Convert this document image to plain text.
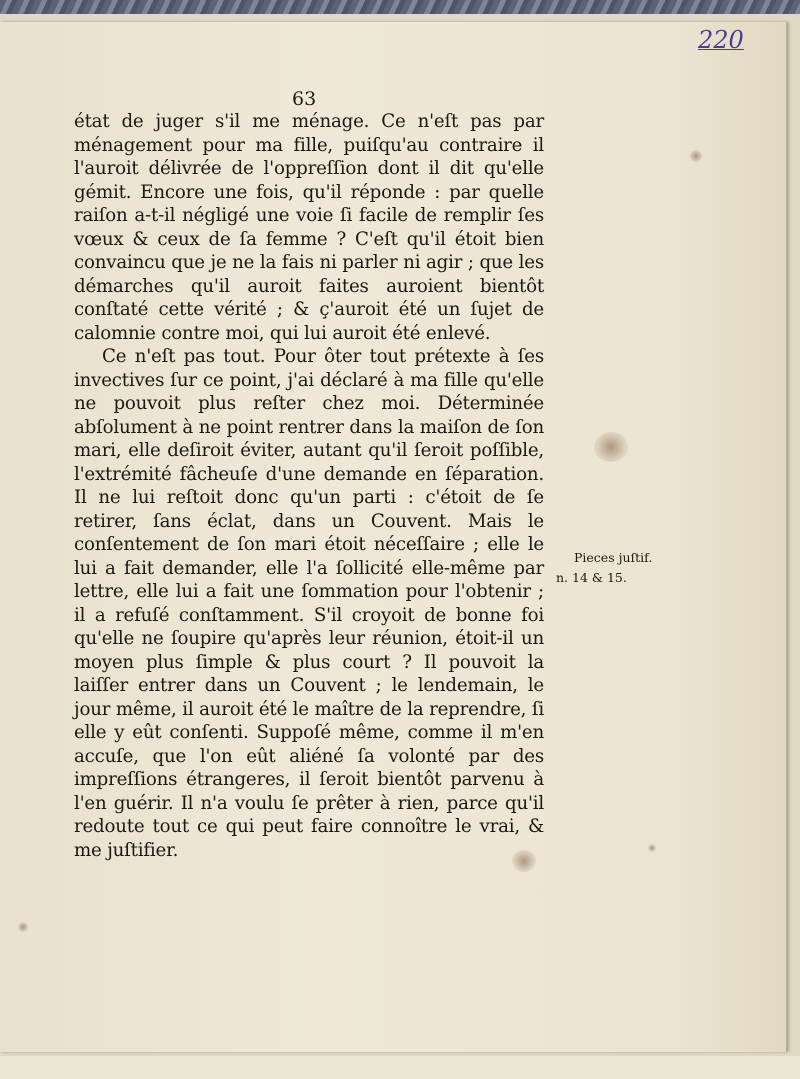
220
63

état de juger s'il me ménage. Ce n'eſt pas par ménagement pour ma fille, puiſqu'au contraire il l'auroit délivrée de l'oppreſſion dont il dit qu'elle gémit. Encore une fois, qu'il réponde : par quelle raiſon a-t-il négligé une voie ſi facile de remplir ſes vœux & ceux de ſa femme ? C'eſt qu'il étoit bien convaincu que je ne la fais ni parler ni agir ; que les démarches qu'il auroit faites auroient bientôt conſtaté cette vérité ; & ç'auroit été un ſujet de calomnie contre moi, qui lui auroit été enlevé.

Ce n'eſt pas tout. Pour ôter tout prétexte à ſes invectives ſur ce point, j'ai déclaré à ma fille qu'elle ne pouvoit plus reſter chez moi. Déterminée abſolument à ne point rentrer dans la maiſon de ſon mari, elle deſiroit éviter, autant qu'il ſeroit poſſible, l'extrémité fâcheuſe d'une demande en ſéparation. Il ne lui reſtoit donc qu'un parti : c'étoit de ſe retirer, ſans éclat, dans un Couvent. Mais le conſentement de ſon mari étoit néceſſaire ; elle le lui a fait demander, elle l'a ſollicité elle-même par lettre, elle lui a fait une ſommation pour l'obtenir ; il a refuſé conſtamment. S'il croyoit de bonne foi qu'elle ne ſoupire qu'après leur réunion, étoit-il un moyen plus ſimple & plus court ? Il pouvoit la laiſſer entrer dans un Couvent ; le lendemain, le jour même, il auroit été le maître de la reprendre, ſi elle y eût conſenti. Suppoſé même, comme il m'en accuſe, que l'on eût aliéné ſa volonté par des impreſſions étrangeres, il ſeroit bientôt parvenu à l'en guérir. Il n'a voulu ſe prêter à rien, parce qu'il redoute tout ce qui peut faire connoître le vrai, & me juſtifier.

Pieces juſtif.
n. 14 & 15.
